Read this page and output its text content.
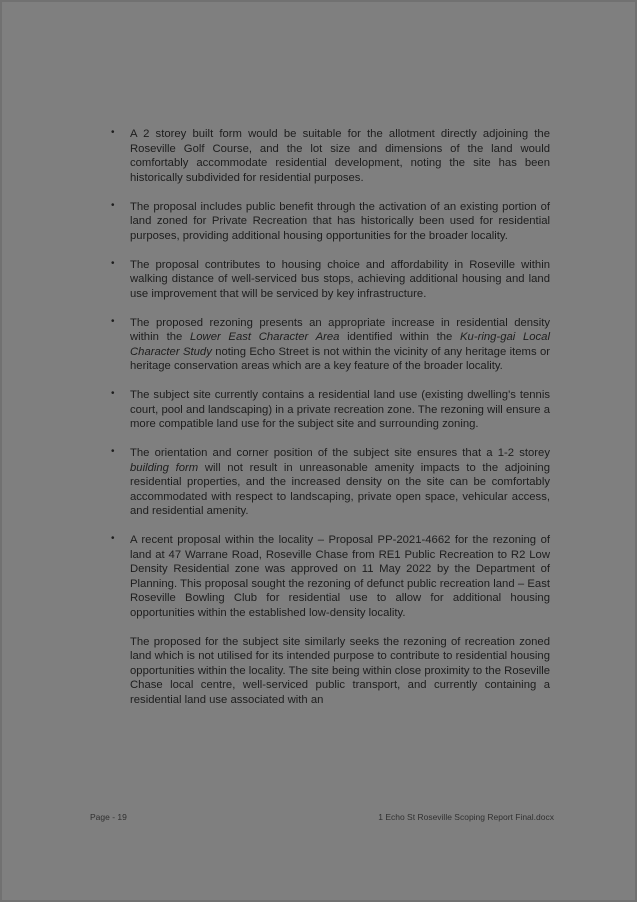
• A 2 storey built form would be suitable for the allotment directly adjoining the Roseville Golf Course, and the lot size and dimensions of the land would comfortably accommodate residential development, noting the site has been historically subdivided for residential purposes.
• The proposal includes public benefit through the activation of an existing portion of land zoned for Private Recreation that has historically been used for residential purposes, providing additional housing opportunities for the broader locality.
• The proposal contributes to housing choice and affordability in Roseville within walking distance of well-serviced bus stops, achieving additional housing and land use improvement that will be serviced by key infrastructure.
• The proposed rezoning presents an appropriate increase in residential density within the Lower East Character Area identified within the Ku-ring-gai Local Character Study noting Echo Street is not within the vicinity of any heritage items or heritage conservation areas which are a key feature of the broader locality.
• The subject site currently contains a residential land use (existing dwelling's tennis court, pool and landscaping) in a private recreation zone. The rezoning will ensure a more compatible land use for the subject site and surrounding zoning.
• The orientation and corner position of the subject site ensures that a 1-2 storey building form will not result in unreasonable amenity impacts to the adjoining residential properties, and the increased density on the site can be comfortably accommodated with respect to landscaping, private open space, vehicular access, and residential amenity.
• A recent proposal within the locality – Proposal PP-2021-4662 for the rezoning of land at 47 Warrane Road, Roseville Chase from RE1 Public Recreation to R2 Low Density Residential zone was approved on 11 May 2022 by the Department of Planning. This proposal sought the rezoning of defunct public recreation land – East Roseville Bowling Club for residential use to allow for additional housing opportunities within the established low-density locality.

The proposed for the subject site similarly seeks the rezoning of recreation zoned land which is not utilised for its intended purpose to contribute to residential housing opportunities within the locality. The site being within close proximity to the Roseville Chase local centre, well-serviced public transport, and currently containing a residential land use associated with an

Page - 19	1 Echo St Roseville Scoping Report Final.docx
